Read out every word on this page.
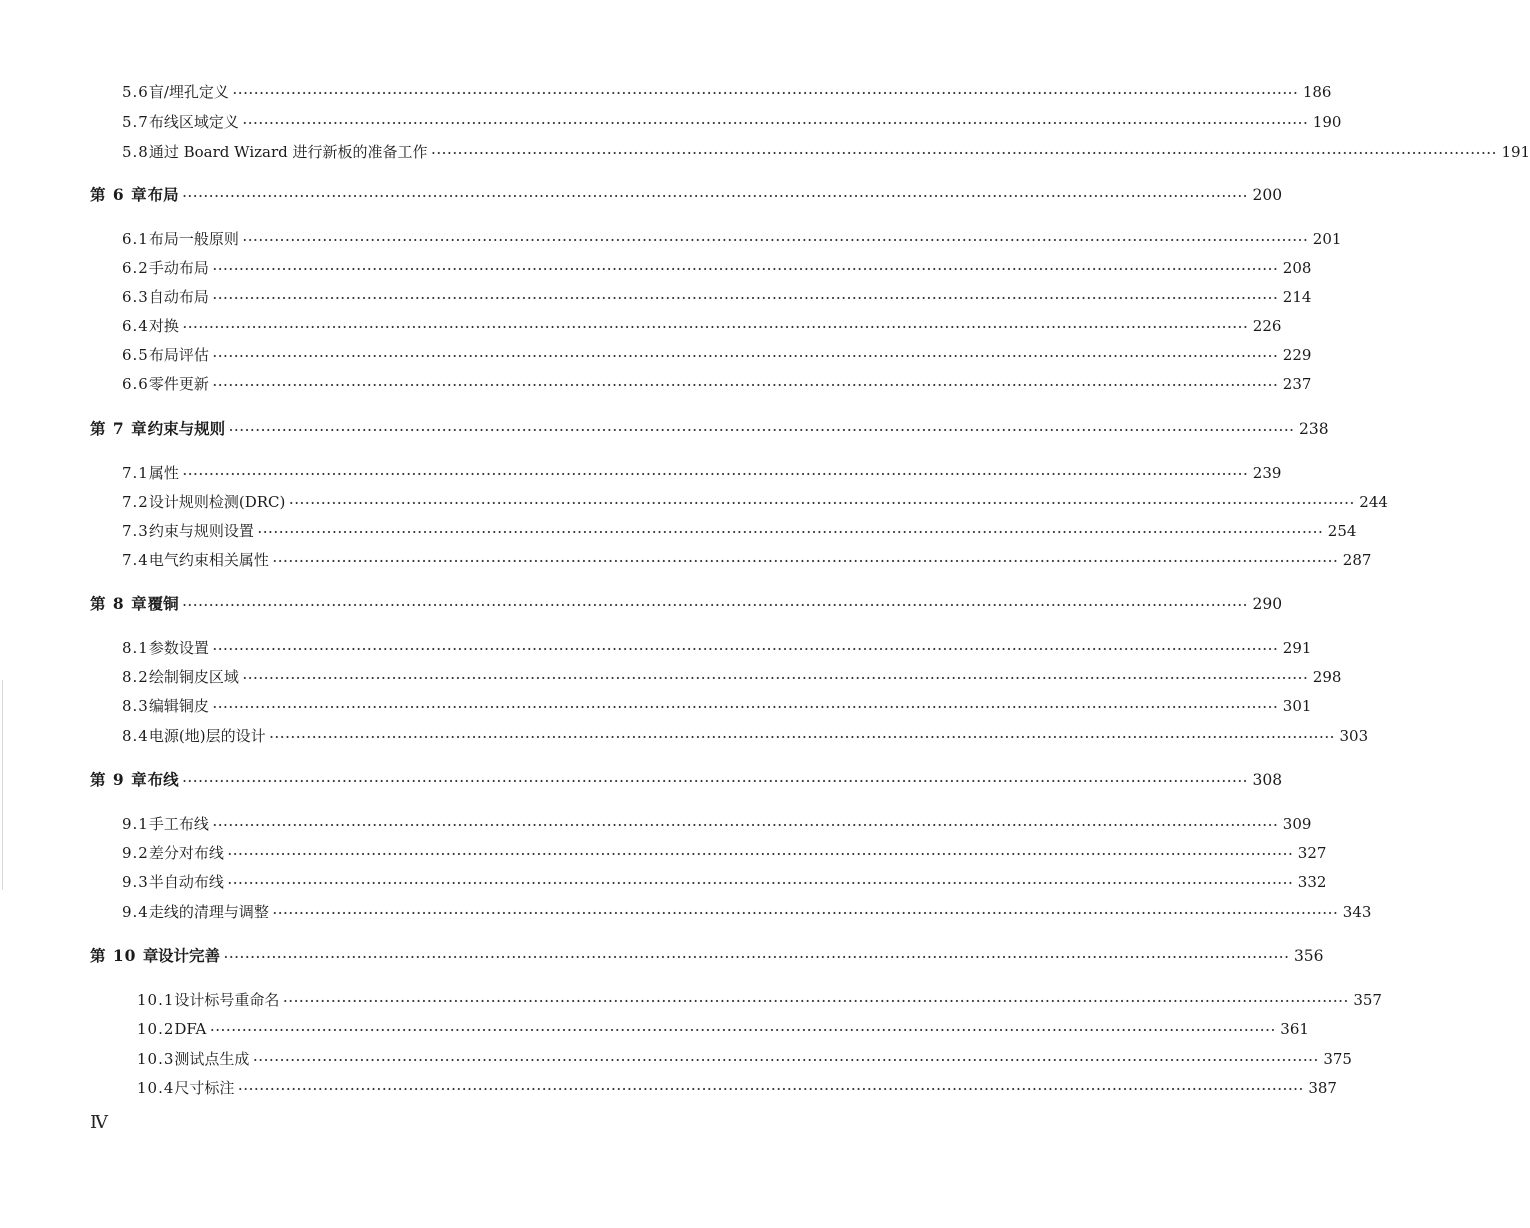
5.6 盲/埋孔定义 ········································································································································································································ 186
5.7 布线区域定义 ········································································································································································································ 190
5.8 通过 Board Wizard 进行新板的准备工作 ········································································································································································································ 191
第 6 章 布局 ········································································································································································································ 200
6.1 布局一般原则 ········································································································································································································ 201
6.2 手动布局 ········································································································································································································ 208
6.3 自动布局 ········································································································································································································ 214
6.4 对换 ········································································································································································································ 226
6.5 布局评估 ········································································································································································································ 229
6.6 零件更新 ········································································································································································································ 237
第 7 章 约束与规则 ········································································································································································································ 238
7.1 属性 ········································································································································································································ 239
7.2 设计规则检测(DRC) ········································································································································································································ 244
7.3 约束与规则设置 ········································································································································································································ 254
7.4 电气约束相关属性 ········································································································································································································ 287
第 8 章 覆铜 ········································································································································································································ 290
8.1 参数设置 ········································································································································································································ 291
8.2 绘制铜皮区域 ········································································································································································································ 298
8.3 编辑铜皮 ········································································································································································································ 301
8.4 电源(地)层的设计 ········································································································································································································ 303
第 9 章 布线 ········································································································································································································ 308
9.1 手工布线 ········································································································································································································ 309
9.2 差分对布线 ········································································································································································································ 327
9.3 半自动布线 ········································································································································································································ 332
9.4 走线的清理与调整 ········································································································································································································ 343
第 10 章
设计完善 ········································································································································································································ 356
10.1 设计标号重命名 ········································································································································································································ 357
10.2 DFA ········································································································································································································ 361
10.3 测试点生成 ········································································································································································································ 375
10.4 尺寸标注 ········································································································································································································ 387
Ⅳ
